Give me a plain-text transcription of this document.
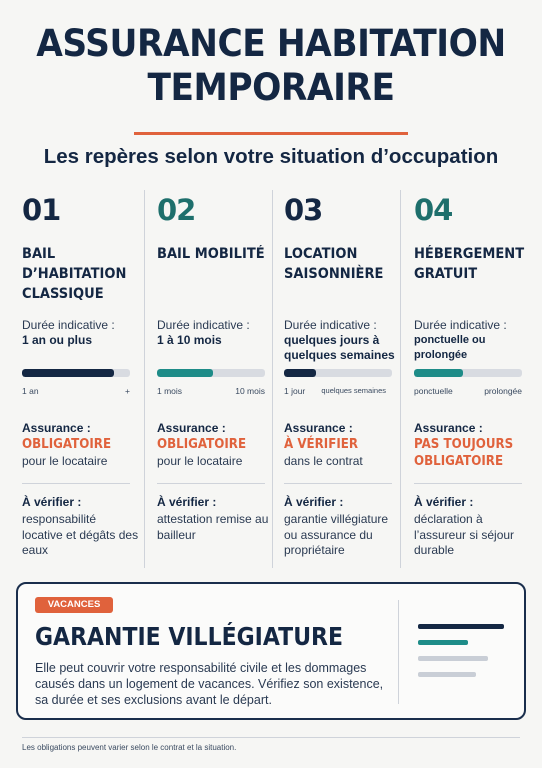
ASSURANCE HABITATION TEMPORAIRE
Les repères selon votre situation d’occupation
01
BAIL D’HABITATION CLASSIQUE
Durée indicative :
1 an ou plus
1 an	+
Assurance :
OBLIGATOIRE
pour le locataire
À vérifier :
responsabilité locative et dégâts des eaux
02
BAIL MOBILITÉ
Durée indicative :
1 à 10 mois
1 mois	10 mois
Assurance :
OBLIGATOIRE
pour le locataire
À vérifier :
attestation remise au bailleur
03
LOCATION SAISONNIÈRE
Durée indicative :
quelques jours à quelques semaines
1 jour quelques semaines
Assurance :
À VÉRIFIER
dans le contrat
À vérifier :
garantie villégiature ou assurance du propriétaire
04
HÉBERGEMENT GRATUIT
Durée indicative :
ponctuelle ou prolongée
ponctuelle	prolongée
Assurance :
PAS TOUJOURS OBLIGATOIRE
À vérifier :
déclaration à l’assureur si séjour durable
VACANCES
GARANTIE VILLÉGIATURE
Elle peut couvrir votre responsabilité civile et les dommages causés dans un logement de vacances. Vérifiez son existence, sa durée et ses exclusions avant le départ.
Les obligations peuvent varier selon le contrat et la situation.
